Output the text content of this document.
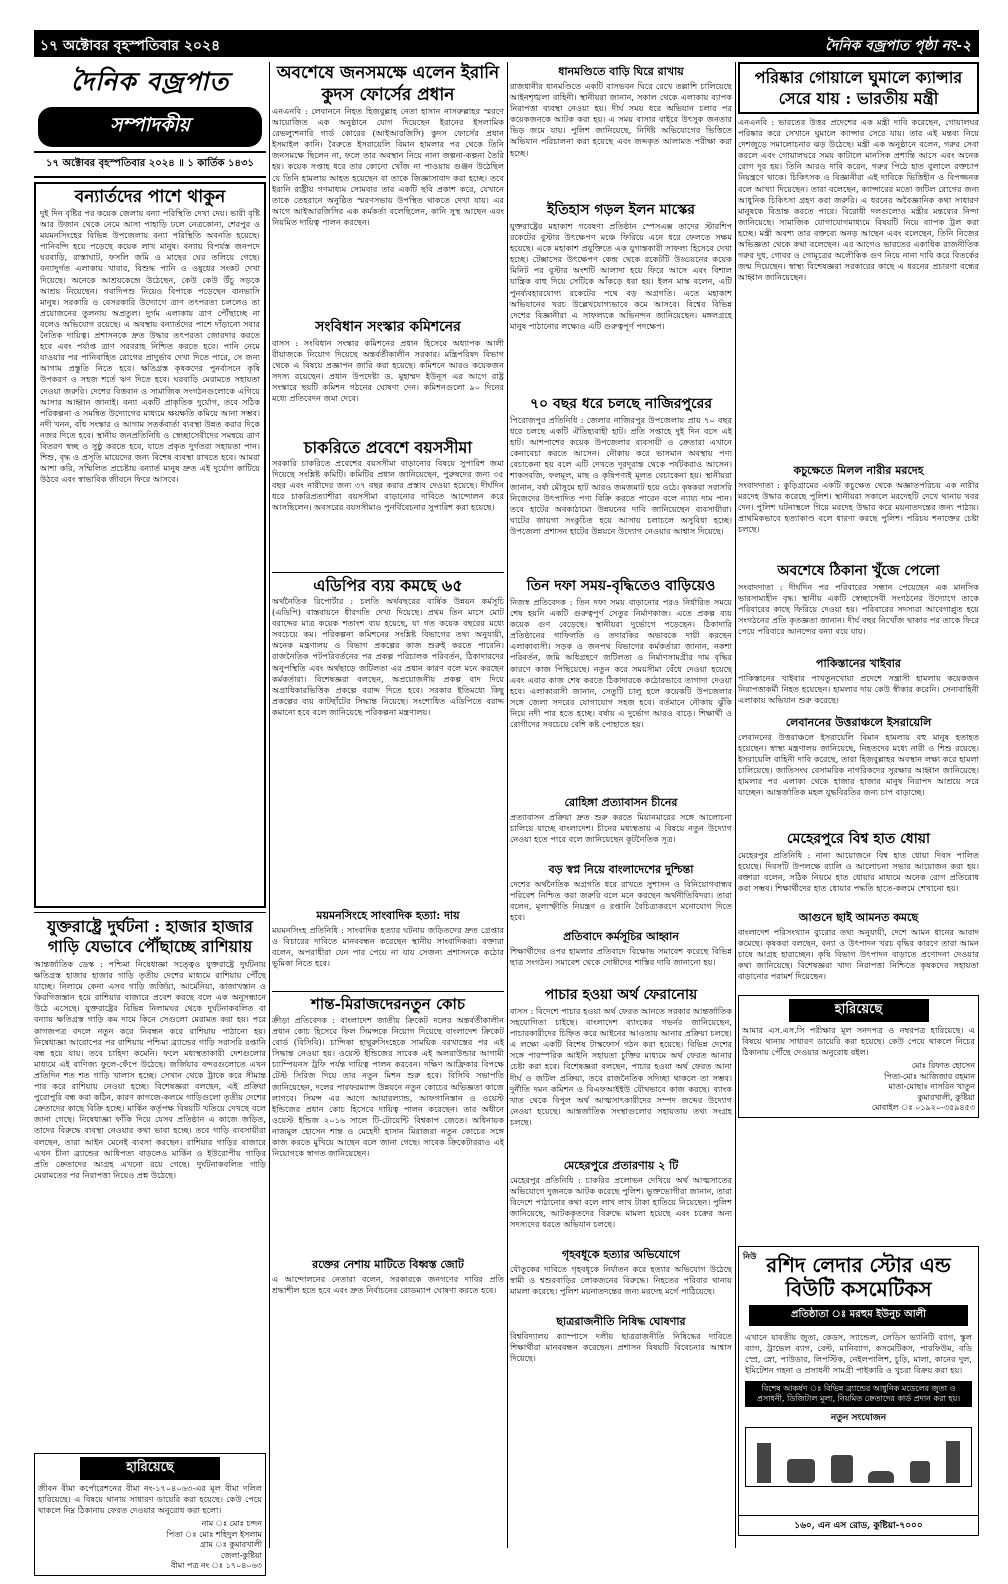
১৭ অক্টোবর বৃহস্পতিবার ২০২৪	দৈনিক বজ্রপাত পৃষ্ঠা নং-২
দৈনিক বজ্রপাত
সম্পাদকীয়
১৭ অক্টোবর বৃহস্পতিবার ২০২৪ ॥ ১ কার্তিক ১৪৩১
বন্যার্তদের পাশে থাকুন
দুই দিন বৃষ্টির পর কয়েক জেলায় বন্যা পরিস্থিতি দেখা দেয়। ভারী বৃষ্টি আর উজান থেকে নেমে আসা পাহাড়ি ঢলে নেত্রকোনা, শেরপুর ও ময়মনসিংহের বিভিন্ন উপজেলায় বন্যা পরিস্থিতি অবনতি হয়েছে। পানিবন্দি হয়ে পড়েছে কয়েক লাখ মানুষ। বন্যায় বিপর্যস্ত জনপদে ঘরবাড়ি, রাস্তাঘাট, ফসলি জমি ও মাছের ঘের তলিয়ে গেছে। বন্যাদুর্গত এলাকায় খাবার, বিশুদ্ধ পানি ও ওষুধের সংকট দেখা দিয়েছে। অনেকে আশ্রয়কেন্দ্রে উঠেছেন, কেউ কেউ উঁচু সড়কে আশ্রয় নিয়েছেন। গবাদিপশু নিয়েও বিপাকে পড়েছেন বানভাসি মানুষ। সরকারি ও বেসরকারি উদ্যোগে ত্রাণ তৎপরতা চললেও তা প্রয়োজনের তুলনায় অপ্রতুল। দুর্গম এলাকায় ত্রাণ পৌঁছাচ্ছে না বলেও অভিযোগ রয়েছে। এ অবস্থায় বন্যার্তদের পাশে দাঁড়ানো সবার নৈতিক দায়িত্ব। প্রশাসনকে দ্রুত উদ্ধার তৎপরতা জোরদার করতে হবে এবং পর্যাপ্ত ত্রাণ সরবরাহ নিশ্চিত করতে হবে। পানি নেমে যাওয়ার পর পানিবাহিত রোগের প্রাদুর্ভাব দেখা দিতে পারে, সে জন্য আগাম প্রস্তুতি নিতে হবে। ক্ষতিগ্রস্ত কৃষকদের পুনর্বাসনে কৃষি উপকরণ ও সহজ শর্তে ঋণ দিতে হবে। ঘরবাড়ি মেরামতে সহায়তা দেওয়া জরুরি। দেশের বিত্তবান ও সামাজিক সংগঠনগুলোকে এগিয়ে আসার আহ্বান জানাই। বন্যা একটি প্রাকৃতিক দুর্যোগ, তবে সঠিক পরিকল্পনা ও সমন্বিত উদ্যোগের মাধ্যমে ক্ষয়ক্ষতি কমিয়ে আনা সম্ভব। নদী খনন, বাঁধ সংস্কার ও আগাম সতর্কবার্তা ব্যবস্থা উন্নত করার দিকে নজর দিতে হবে। স্থানীয় জনপ্রতিনিধি ও স্বেচ্ছাসেবীদের সমন্বয়ে ত্রাণ বিতরণ স্বচ্ছ ও সুষ্ঠু করতে হবে, যাতে প্রকৃত দুর্গতরা সহায়তা পান। শিশু, বৃদ্ধ ও প্রসূতি মায়েদের জন্য বিশেষ ব্যবস্থা রাখতে হবে। আমরা আশা করি, সম্মিলিত প্রচেষ্টায় বন্যার্ত মানুষ দ্রুত এই দুর্যোগ কাটিয়ে উঠবে এবং স্বাভাবিক জীবনে ফিরে আসবে।
যুক্তরাষ্ট্রে দুর্ঘটনা : হাজার হাজার গাড়ি যেভাবে পৌঁছাচ্ছে রাশিয়ায়
আন্তর্জাতিক ডেস্ক : পশ্চিমা নিষেধাজ্ঞা সত্ত্বেও যুক্তরাষ্ট্রে দুর্ঘটনায় ক্ষতিগ্রস্ত হাজার হাজার গাড়ি তৃতীয় দেশের মাধ্যমে রাশিয়ায় পৌঁছে যাচ্ছে। নিলামে কেনা এসব গাড়ি জর্জিয়া, আর্মেনিয়া, কাজাখস্তান ও কিরগিজস্তান হয়ে রাশিয়ার বাজারে প্রবেশ করছে বলে এক অনুসন্ধানে উঠে এসেছে। যুক্তরাষ্ট্রের বিভিন্ন নিলামঘর থেকে দুর্ঘটনাকবলিত বা বন্যায় ক্ষতিগ্রস্ত গাড়ি কম দামে কিনে সেগুলো মেরামত করা হয়। পরে কাগজপত্র বদলে নতুন করে নিবন্ধন করে রাশিয়ায় পাঠানো হয়। নিষেধাজ্ঞা আরোপের পর রাশিয়ায় পশ্চিমা ব্র্যান্ডের গাড়ি সরাসরি রপ্তানি বন্ধ হয়ে যায়। তবে চাহিদা কমেনি। ফলে মধ্যস্থতাকারী দেশগুলোর মাধ্যমে এই বাণিজ্য ফুলে-ফেঁপে উঠেছে। জর্জিয়ার বন্দরগুলোতে এখন প্রতিদিন শত শত গাড়ি খালাস হচ্ছে। সেখান থেকে ট্রাকে করে সীমান্ত পার করে রাশিয়ায় নেওয়া হচ্ছে। বিশেষজ্ঞরা বলছেন, এই প্রক্রিয়া পুরোপুরি বন্ধ করা কঠিন, কারণ কাগজে-কলমে গাড়িগুলো তৃতীয় দেশের ক্রেতাদের কাছে বিক্রি হচ্ছে। মার্কিন কর্তৃপক্ষ বিষয়টি খতিয়ে দেখছে বলে জানা গেছে। নিষেধাজ্ঞা ফাঁকি দিয়ে যেসব প্রতিষ্ঠান এ কাজে জড়িত, তাদের বিরুদ্ধে ব্যবস্থা নেওয়ার কথা ভাবা হচ্ছে। তবে গাড়ি ব্যবসায়ীরা বলছেন, তারা আইন মেনেই ব্যবসা করছেন। রাশিয়ার গাড়ির বাজারে এখন চীনা ব্র্যান্ডের আধিপত্য বাড়লেও মার্কিন ও ইউরোপীয় গাড়ির প্রতি ক্রেতাদের আগ্রহ এখনো রয়ে গেছে। দুর্ঘটনাকবলিত গাড়ি মেরামতের পর নিরাপত্তা নিয়েও প্রশ্ন উঠেছে।
হারিয়েছে
জীবন বীমা কর্পোরেশনের বীমা নং-১৭০৪০৬৩-এর মূল বীমা দলিল হারিয়েছে। এ বিষয়ে থানায় সাধারণ ডায়েরি করা হয়েছে। কেউ পেয়ে থাকলে নিম্ন ঠিকানায় ফেরত দেওয়ার অনুরোধ করা হলো।
নাম ঃ মোঃ চন্দন
পিতা ঃ মোঃ শহিদুল ইসলাম
গ্রাম ঃ কুমারখালী
জেলা-কুষ্টিয়া
বীমা পত্র নং ঃ ১৭০৪০৬৩
অবশেষে জনসমক্ষে এলেন ইরানি কুদস ফোর্সের প্রধান
এনএনবি : লেবাননে নিহত হিজবুল্লাহ নেতা হাসান নাসরুল্লাহর স্মরণে আয়োজিত এক অনুষ্ঠানে যোগ দিয়েছেন ইরানের ইসলামিক রেভল্যুশনারি গার্ড কোরের (আইআরজিসি) কুদস ফোর্সের প্রধান ইসমাইল কানি। বৈরুতে ইসরায়েলি বিমান হামলার পর থেকে তিনি জনসমক্ষে ছিলেন না, ফলে তার অবস্থান নিয়ে নানা জল্পনা-কল্পনা তৈরি হয়। কয়েক সপ্তাহ ধরে তার কোনো খোঁজ না পাওয়ায় গুঞ্জন উঠেছিল যে তিনি হামলায় আহত হয়েছেন বা তাকে জিজ্ঞাসাবাদ করা হচ্ছে। তবে ইরানি রাষ্ট্রীয় গণমাধ্যম সোমবার তার একটি ছবি প্রকাশ করে, যেখানে তাকে তেহরানে অনুষ্ঠিত স্মরণসভায় উপস্থিত থাকতে দেখা যায়। এর আগে আইআরজিসির এক কর্মকর্তা বলেছিলেন, কানি সুস্থ আছেন এবং নিয়মিত দায়িত্ব পালন করছেন।
সংবিধান সংস্কার কমিশনের
বাসস : সংবিধান সংস্কার কমিশনের প্রধান হিসেবে অধ্যাপক আলী রীয়াজকে নিয়োগ দিয়েছে অন্তর্বর্তীকালীন সরকার। মন্ত্রিপরিষদ বিভাগ থেকে এ বিষয়ে প্রজ্ঞাপন জারি করা হয়েছে। কমিশনে আরও কয়েকজন সদস্য রয়েছেন। প্রধান উপদেষ্টা ড. মুহাম্মদ ইউনূস এর আগে রাষ্ট্র সংস্কারে ছয়টি কমিশন গঠনের ঘোষণা দেন। কমিশনগুলো ৯০ দিনের মধ্যে প্রতিবেদন জমা দেবে।
চাকরিতে প্রবেশে বয়সসীমা
সরকারি চাকরিতে প্রবেশের বয়সসীমা বাড়ানোর বিষয়ে সুপারিশ জমা দিয়েছে সংশ্লিষ্ট কমিটি। কমিটির প্রধান জানিয়েছেন, পুরুষদের জন্য ৩৫ বছর এবং নারীদের জন্য ৩৭ বছর করার প্রস্তাব দেওয়া হয়েছে। দীর্ঘদিন ধরে চাকরিপ্রত্যাশীরা বয়সসীমা বাড়ানোর দাবিতে আন্দোলন করে আসছিলেন। অবসরের বয়সসীমাও পুনর্বিবেচনার সুপারিশ করা হয়েছে।
এডিপির ব্যয় কমছে ৬৫
অর্থনৈতিক রিপোর্টার : চলতি অর্থবছরের বার্ষিক উন্নয়ন কর্মসূচি (এডিপি) বাস্তবায়নে ধীরগতি দেখা দিয়েছে। প্রথম তিন মাসে মোট বরাদ্দের মাত্র কয়েক শতাংশ ব্যয় হয়েছে, যা গত কয়েক বছরের মধ্যে সবচেয়ে কম। পরিকল্পনা কমিশনের সংশ্লিষ্ট বিভাগের তথ্য অনুযায়ী, অনেক মন্ত্রণালয় ও বিভাগ প্রকল্পের কাজ শুরুই করতে পারেনি। রাজনৈতিক পটপরিবর্তনের পর প্রকল্প পরিচালক পরিবর্তন, ঠিকাদারদের অনুপস্থিতি এবং অর্থছাড়ে জটিলতা এর প্রধান কারণ বলে মনে করছেন কর্মকর্তারা। বিশেষজ্ঞরা বলছেন, অপ্রয়োজনীয় প্রকল্প বাদ দিয়ে অগ্রাধিকারভিত্তিক প্রকল্পে বরাদ্দ দিতে হবে। সরকার ইতিমধ্যে কিছু প্রকল্পের ব্যয় কাটছাঁটের সিদ্ধান্ত নিয়েছে। সংশোধিত এডিপিতে বরাদ্দ কমানো হবে বলে জানিয়েছে পরিকল্পনা মন্ত্রণালয়।
ময়মনসিংহে সাংবাদিক হত্যা: দায়
ময়মনসিংহ প্রতিনিধি : সাংবাদিক হত্যার ঘটনায় জড়িতদের দ্রুত গ্রেপ্তার ও বিচারের দাবিতে মানববন্ধন করেছেন স্থানীয় সাংবাদিকরা। বক্তারা বলেন, অপরাধীরা যেন পার পেয়ে না যায় সেজন্য প্রশাসনকে কঠোর ভূমিকা নিতে হবে।
শান্ত-মিরাজদেরনতুন কোচ
ক্রীড়া প্রতিবেদক : বাংলাদেশ জাতীয় ক্রিকেট দলের অন্তর্বর্তীকালীন প্রধান কোচ হিসেবে ফিল সিমন্সকে নিয়োগ দিয়েছে বাংলাদেশ ক্রিকেট বোর্ড (বিসিবি)। চান্দিকা হাথুরুসিংহেকে সাময়িক বরখাস্তের পর এই সিদ্ধান্ত নেওয়া হয়। ওয়েস্ট ইন্ডিজের সাবেক এই অলরাউন্ডার আগামী চ্যাম্পিয়নস ট্রফি পর্যন্ত দায়িত্ব পালন করবেন। দক্ষিণ আফ্রিকার বিপক্ষে টেস্ট সিরিজ দিয়ে তার নতুন মিশন শুরু হবে। বিসিবি সভাপতি জানিয়েছেন, দলের পারফরম্যান্স উন্নয়নে নতুন কোচের অভিজ্ঞতা কাজে লাগবে। সিমন্স এর আগে আয়ারল্যান্ড, আফগানিস্তান ও ওয়েস্ট ইন্ডিজের প্রধান কোচ হিসেবে দায়িত্ব পালন করেছেন। তার অধীনে ওয়েস্ট ইন্ডিজ ২০১৬ সালে টি-টোয়েন্টি বিশ্বকাপ জেতে। অধিনায়ক নাজমুল হোসেন শান্ত ও মেহেদী হাসান মিরাজরা নতুন কোচের সঙ্গে কাজ করতে মুখিয়ে আছেন বলে জানা গেছে। সাবেক ক্রিকেটাররাও এই নিয়োগকে স্বাগত জানিয়েছেন।
রক্তের নেশায় মাটিতে বিধ্বস্ত জোট
এ আন্দোলনের নেতারা বলেন, সরকারকে জনগণের দাবির প্রতি শ্রদ্ধাশীল হতে হবে এবং দ্রুত নির্বাচনের রোডম্যাপ ঘোষণা করতে হবে।
ধানমণ্ডিতে বাড়ি ঘিরে রাখায়
রাজধানীর ধানমণ্ডিতে একটি বাসভবন ঘিরে রেখে তল্লাশি চালিয়েছে আইনশৃঙ্খলা বাহিনী। স্থানীয়রা জানান, সকাল থেকে এলাকায় ব্যাপক নিরাপত্তা ব্যবস্থা নেওয়া হয়। দীর্ঘ সময় ধরে অভিযান চলার পর কয়েকজনকে আটক করা হয়। এ সময় বাসার বাইরে উৎসুক জনতার ভিড় জমে যায়। পুলিশ জানিয়েছে, নির্দিষ্ট অভিযোগের ভিত্তিতে অভিযান পরিচালনা করা হয়েছে এবং জব্দকৃত আলামত পরীক্ষা করা হচ্ছে।
ইতিহাস গড়ল ইলন মাস্কের
যুক্তরাষ্ট্রের মহাকাশ গবেষণা প্রতিষ্ঠান স্পেসএক্স তাদের স্টারশিপ রকেটের বুস্টার উৎক্ষেপণ মঞ্চে ফিরিয়ে এনে ধরে ফেলতে সক্ষম হয়েছে। একে মহাকাশ প্রযুক্তিতে এক যুগান্তকারী সাফল্য হিসেবে দেখা হচ্ছে। টেক্সাসের উৎক্ষেপণ কেন্দ্র থেকে রকেটটি উড্ডয়নের কয়েক মিনিট পর বুস্টার অংশটি আলাদা হয়ে ফিরে আসে এবং বিশাল যান্ত্রিক বাহু দিয়ে সেটিকে আঁকড়ে ধরা হয়। ইলন মাস্ক বলেন, এটি পুনর্ব্যবহারযোগ্য রকেটের পথে বড় অগ্রগতি। এতে মহাকাশ অভিযানের খরচ উল্লেখযোগ্যভাবে কমে আসবে। বিশ্বের বিভিন্ন দেশের বিজ্ঞানীরা এ সাফল্যকে অভিনন্দন জানিয়েছেন। মঙ্গলগ্রহে মানুষ পাঠানোর লক্ষ্যেও এটি গুরুত্বপূর্ণ পদক্ষেপ।
৭০ বছর ধরে চলছে নাজিরপুরের
পিরোজপুর প্রতিনিধি : জেলার নাজিরপুর উপজেলায় প্রায় ৭০ বছর ধরে চলছে একটি ঐতিহ্যবাহী হাট। প্রতি সপ্তাহে দুই দিন বসে এই হাট। আশপাশের কয়েক উপজেলার ব্যবসায়ী ও ক্রেতারা এখানে কেনাবেচা করতে আসেন। নৌকায় করে ভাসমান অবস্থায় পণ্য বেচাকেনা হয় বলে এটি দেখতে দূরদূরান্ত থেকে পর্যটকরাও আসেন। শাকসবজি, ফলমূল, মাছ ও কৃষিপণ্যই মূলত বেচাকেনা হয়। স্থানীয়রা জানান, বর্ষা মৌসুমে হাট আরও জমজমাট হয়ে ওঠে। কৃষকরা সরাসরি নিজেদের উৎপাদিত পণ্য বিক্রি করতে পারেন বলে ন্যায্য দাম পান। তবে হাটের অবকাঠামো উন্নয়নের দাবি জানিয়েছেন ব্যবসায়ীরা। ঘাটের জায়গা সংকুচিত হয়ে আসায় চলাচলে অসুবিধা হচ্ছে। উপজেলা প্রশাসন হাটের উন্নয়নে উদ্যোগ নেওয়ার আশ্বাস দিয়েছে।
তিন দফা সময়-বৃদ্ধিতেও বাড়িয়েও
নিজস্ব প্রতিবেদক : তিন দফা সময় বাড়ানোর পরও নির্ধারিত সময়ে শেষ হয়নি একটি গুরুত্বপূর্ণ সেতুর নির্মাণকাজ। এতে প্রকল্প ব্যয় কয়েক গুণ বেড়েছে। স্থানীয়রা দুর্ভোগে পড়েছেন। ঠিকাদারি প্রতিষ্ঠানের গাফিলতি ও তদারকির অভাবকে দায়ী করছেন এলাকাবাসী। সড়ক ও জনপথ বিভাগের কর্মকর্তারা জানান, নকশা পরিবর্তন, জমি অধিগ্রহণে জটিলতা ও নির্মাণসামগ্রীর দাম বৃদ্ধির কারণে কাজ পিছিয়েছে। নতুন করে সময়সীমা বেঁধে দেওয়া হয়েছে এবং এবার কাজ শেষ করতে ঠিকাদারকে কঠোরভাবে তাগাদা দেওয়া হবে। এলাকাবাসী জানান, সেতুটি চালু হলে কয়েকটি উপজেলার সঙ্গে জেলা সদরের যোগাযোগ সহজ হবে। বর্তমানে নৌকায় ঝুঁকি নিয়ে নদী পার হতে হচ্ছে। বর্ষায় এ দুর্ভোগ আরও বাড়ে। শিক্ষার্থী ও রোগীদের সবচেয়ে বেশি কষ্ট পোহাতে হয়।
রোহিঙ্গা প্রত্যাবাসন চীনের
প্রত্যাবাসন প্রক্রিয়া দ্রুত শুরু করতে মিয়ানমারের সঙ্গে আলোচনা চালিয়ে যাচ্ছে বাংলাদেশ। চীনের মধ্যস্থতায় এ বিষয়ে নতুন উদ্যোগ নেওয়া হতে পারে বলে জানিয়েছেন কূটনৈতিক সূত্র।
বড় স্বপ্ন নিয়ে বাংলাদেশের দুশ্চিন্তা
দেশের অর্থনৈতিক অগ্রগতি ধরে রাখতে সুশাসন ও বিনিয়োগবান্ধব পরিবেশ নিশ্চিত করা জরুরি বলে মনে করছেন অর্থনীতিবিদরা। তারা বলেন, মূল্যস্ফীতি নিয়ন্ত্রণ ও রপ্তানি বৈচিত্র্যকরণে মনোযোগ দিতে হবে।
প্রতিবাদে কর্মসূচির আহ্বান
শিক্ষার্থীদের ওপর হামলার প্রতিবাদে বিক্ষোভ সমাবেশ করেছে বিভিন্ন ছাত্র সংগঠন। সমাবেশ থেকে দোষীদের শাস্তির দাবি জানানো হয়।
পাচার হওয়া অর্থ ফেরানোয়
বাসস : বিদেশে পাচার হওয়া অর্থ ফেরত আনতে সরকার আন্তর্জাতিক সহযোগিতা চাইছে। বাংলাদেশ ব্যাংকের গভর্নর জানিয়েছেন, পাচারকারীদের চিহ্নিত করে আইনের আওতায় আনার প্রক্রিয়া চলছে। এ লক্ষ্যে একটি বিশেষ টাস্কফোর্স গঠন করা হয়েছে। বিভিন্ন দেশের সঙ্গে পারস্পরিক আইনি সহায়তা চুক্তির মাধ্যমে অর্থ ফেরত আনার চেষ্টা করা হবে। বিশেষজ্ঞরা বলছেন, পাচার হওয়া অর্থ ফেরত আনা দীর্ঘ ও জটিল প্রক্রিয়া, তবে রাজনৈতিক সদিচ্ছা থাকলে তা সম্ভব। দুর্নীতি দমন কমিশন ও বিএফআইইউ যৌথভাবে কাজ করছে। ব্যাংক খাত থেকে বিপুল অর্থ আত্মসাৎকারীদের সম্পদ জব্দের উদ্যোগ নেওয়া হয়েছে। আন্তর্জাতিক সংস্থাগুলোর সহায়তায় তথ্য সংগ্রহ চলছে।
মেহেরপুরে প্রতারণায় ২ টি
মেহেরপুর প্রতিনিধি : চাকরির প্রলোভন দেখিয়ে অর্থ আত্মসাতের অভিযোগে দুজনকে আটক করেছে পুলিশ। ভুক্তভোগীরা জানান, তারা বিদেশে পাঠানোর কথা বলে লাখ লাখ টাকা হাতিয়ে নিয়েছেন। পুলিশ জানিয়েছে, আটককৃতদের বিরুদ্ধে মামলা হয়েছে এবং চক্রের অন্য সদস্যদের ধরতে অভিযান চলছে।
গৃহবধূকে হত্যার অভিযোগে
যৌতুকের দাবিতে গৃহবধূকে নির্যাতন করে হত্যার অভিযোগ উঠেছে স্বামী ও শ্বশুরবাড়ির লোকজনের বিরুদ্ধে। নিহতের পরিবার থানায় মামলা করেছে। পুলিশ ময়নাতদন্তের জন্য মরদেহ মর্গে পাঠিয়েছে।
ছাত্ররাজনীতি নিষিদ্ধ ঘোষণার
বিশ্ববিদ্যালয় ক্যাম্পাসে দলীয় ছাত্ররাজনীতি নিষিদ্ধের দাবিতে শিক্ষার্থীরা মানববন্ধন করেছেন। প্রশাসন বিষয়টি বিবেচনার আশ্বাস দিয়েছে।
পরিষ্কার গোয়ালে ঘুমালে ক্যান্সার সেরে যায় : ভারতীয় মন্ত্রী
এনএনবি : ভারতের উত্তর প্রদেশের এক মন্ত্রী দাবি করেছেন, গোয়ালঘর পরিষ্কার করে সেখানে ঘুমালে ক্যান্সার সেরে যায়। তার এই মন্তব্য নিয়ে দেশজুড়ে সমালোচনার ঝড় উঠেছে। মন্ত্রী এক অনুষ্ঠানে বলেন, গরুর সেবা করলে এবং গোয়ালঘরে সময় কাটালে মানসিক প্রশান্তি আসে এবং অনেক রোগ দূর হয়। তিনি আরও দাবি করেন, গরুর পিঠে হাত বুলালে রক্তচাপ নিয়ন্ত্রণে থাকে। চিকিৎসক ও বিজ্ঞানীরা এই দাবিকে ভিত্তিহীন ও বিপজ্জনক বলে আখ্যা দিয়েছেন। তারা বলেছেন, ক্যান্সারের মতো জটিল রোগের জন্য আধুনিক চিকিৎসা গ্রহণ করা জরুরি। এ ধরনের অবৈজ্ঞানিক কথা সাধারণ মানুষকে বিভ্রান্ত করতে পারে। বিরোধী দলগুলোও মন্ত্রীর মন্তব্যের নিন্দা জানিয়েছে। সামাজিক যোগাযোগমাধ্যমে বিষয়টি নিয়ে ব্যাপক ট্রল করা হচ্ছে। মন্ত্রী অবশ্য তার বক্তব্যে অনড় আছেন এবং বলেছেন, তিনি নিজের অভিজ্ঞতা থেকে কথা বলেছেন। এর আগেও ভারতের একাধিক রাজনীতিক গরুর দুধ, গোবর ও গোমূত্রের অলৌকিক গুণ নিয়ে নানা দাবি করে বিতর্কের জন্ম দিয়েছেন। স্বাস্থ্য বিশেষজ্ঞরা সরকারের কাছে এ ধরনের প্রচারণা বন্ধের আহ্বান জানিয়েছেন।
কচুক্ষেতে মিলল নারীর মরদেহ
সংবাদদাতা : কুড়িগ্রামের একটি কচুক্ষেত থেকে অজ্ঞাতপরিচয় এক নারীর মরদেহ উদ্ধার করেছে পুলিশ। স্থানীয়রা সকালে মরদেহটি দেখে থানায় খবর দেন। পুলিশ ঘটনাস্থলে গিয়ে মরদেহ উদ্ধার করে ময়নাতদন্তের জন্য পাঠায়। প্রাথমিকভাবে হত্যাকাণ্ড বলে ধারণা করছে পুলিশ। পরিচয় শনাক্তের চেষ্টা চলছে।
অবশেষে ঠিকানা খুঁজে পেলো
সংবাদদাতা : দীর্ঘদিন পর পরিবারের সন্ধান পেয়েছেন এক মানসিক ভারসাম্যহীন বৃদ্ধ। স্থানীয় একটি স্বেচ্ছাসেবী সংগঠনের উদ্যোগে তাকে পরিবারের কাছে ফিরিয়ে দেওয়া হয়। পরিবারের সদস্যরা আবেগাপ্লুত হয়ে সংগঠনের প্রতি কৃতজ্ঞতা জানান। দীর্ঘ বছর নিখোঁজ থাকার পর তাকে ফিরে পেয়ে পরিবারে আনন্দের বন্যা বয়ে যায়।
পাকিস্তানের খাইবার
পাকিস্তানের খাইবার পাখতুনখোয়া প্রদেশে সন্ত্রাসী হামলায় কয়েকজন নিরাপত্তাকর্মী নিহত হয়েছেন। হামলার দায় কেউ স্বীকার করেনি। সেনাবাহিনী এলাকায় অভিযান শুরু করেছে।
লেবাননের উত্তরাঞ্চলে ইসরায়েলি
লেবাননের উত্তরাঞ্চলে ইসরায়েলি বিমান হামলায় বহু মানুষ হতাহত হয়েছেন। স্বাস্থ্য মন্ত্রণালয় জানিয়েছে, নিহতদের মধ্যে নারী ও শিশু রয়েছে। ইসরায়েলি বাহিনী দাবি করেছে, তারা হিজবুল্লাহর অবস্থান লক্ষ্য করে হামলা চালিয়েছে। জাতিসংঘ বেসামরিক নাগরিকদের সুরক্ষার আহ্বান জানিয়েছে। হামলার পর এলাকা থেকে হাজার হাজার মানুষ নিরাপদ আশ্রয়ে সরে যাচ্ছেন। আন্তর্জাতিক মহল যুদ্ধবিরতির জন্য চাপ বাড়াচ্ছে।
মেহেরপুরে বিশ্ব হাত ধোয়া
মেহেরপুর প্রতিনিধি : নানা আয়োজনে বিশ্ব হাত ধোয়া দিবস পালিত হয়েছে। দিবসটি উপলক্ষে র‍্যালি ও আলোচনা সভার আয়োজন করা হয়। বক্তারা বলেন, সঠিক নিয়মে হাত ধোয়ার মাধ্যমে অনেক রোগ প্রতিরোধ করা সম্ভব। শিক্ষার্থীদের হাত ধোয়ার পদ্ধতি হাতে-কলমে শেখানো হয়।
আগুনে ছাই আমনত কমছে
বাংলাদেশ পরিসংখ্যান ব্যুরোর তথ্য অনুযায়ী, দেশে আমন ধানের আবাদ কমেছে। কৃষকরা বলছেন, বন্যা ও উৎপাদন খরচ বৃদ্ধির কারণে তারা আমন চাষে আগ্রহ হারাচ্ছেন। কৃষি বিভাগ উৎপাদন বাড়াতে প্রণোদনা দেওয়ার কথা জানিয়েছে। বিশেষজ্ঞরা খাদ্য নিরাপত্তা নিশ্চিতে কৃষকদের সহায়তা বাড়ানোর পরামর্শ দিয়েছেন।
হারিয়েছে
আমার এস.এস.সি পরীক্ষার মূল সনদপত্র ও নম্বরপত্র হারিয়েছে। এ বিষয়ে থানায় সাধারণ ডায়েরি করা হয়েছে। কেউ পেয়ে থাকলে নিচের ঠিকানায় পৌঁছে দেওয়ার অনুরোধ রইল।
মোঃ রিফাত হোসেন
পিতা-মোঃ আজিজার রহমান
মাতা-মোছাঃ নাসরিন খাতুন
কুমারখালী, কুষ্টিয়া
মোবাইল ঃ ০১৯২০-৩৫৯৪৫৩
নিউ রশিদ লেদার স্টোর এন্ড বিউটি কসমেটিকস
প্রতিষ্ঠাতা ঃ মরহুম ইউনুচ আলী
এখানে যাবতীয় জুতা, কেডস, স্যান্ডেল, লেডিস ভ্যানিটি ব্যাগ, স্কুল ব্যাগ, ট্রাভেল ব্যাগ, বেল্ট, মানিব্যাগ, কসমেটিকস, পারফিউম, বডি স্প্রে, স্নো, পাউডার, লিপস্টিক, নেইলপালিশ, চুড়ি, মালা, কানের দুল, ইমিটেশন গহনা ও প্রসাধনী সামগ্রী পাইকারি ও খুচরা বিক্রয় করা হয়।
বিশেষ আকর্ষণ ঃ বিভিন্ন ব্র্যান্ডের আধুনিক মডেলের জুতা ও প্রসাধনী, ডিজিটাল মূল্য, নিয়মিত ক্রেতাদের কার্ড প্রদান করা হয়।
নতুন সংযোজন
১৬০, এন এস রোড, কুষ্টিয়া-৭০০০
